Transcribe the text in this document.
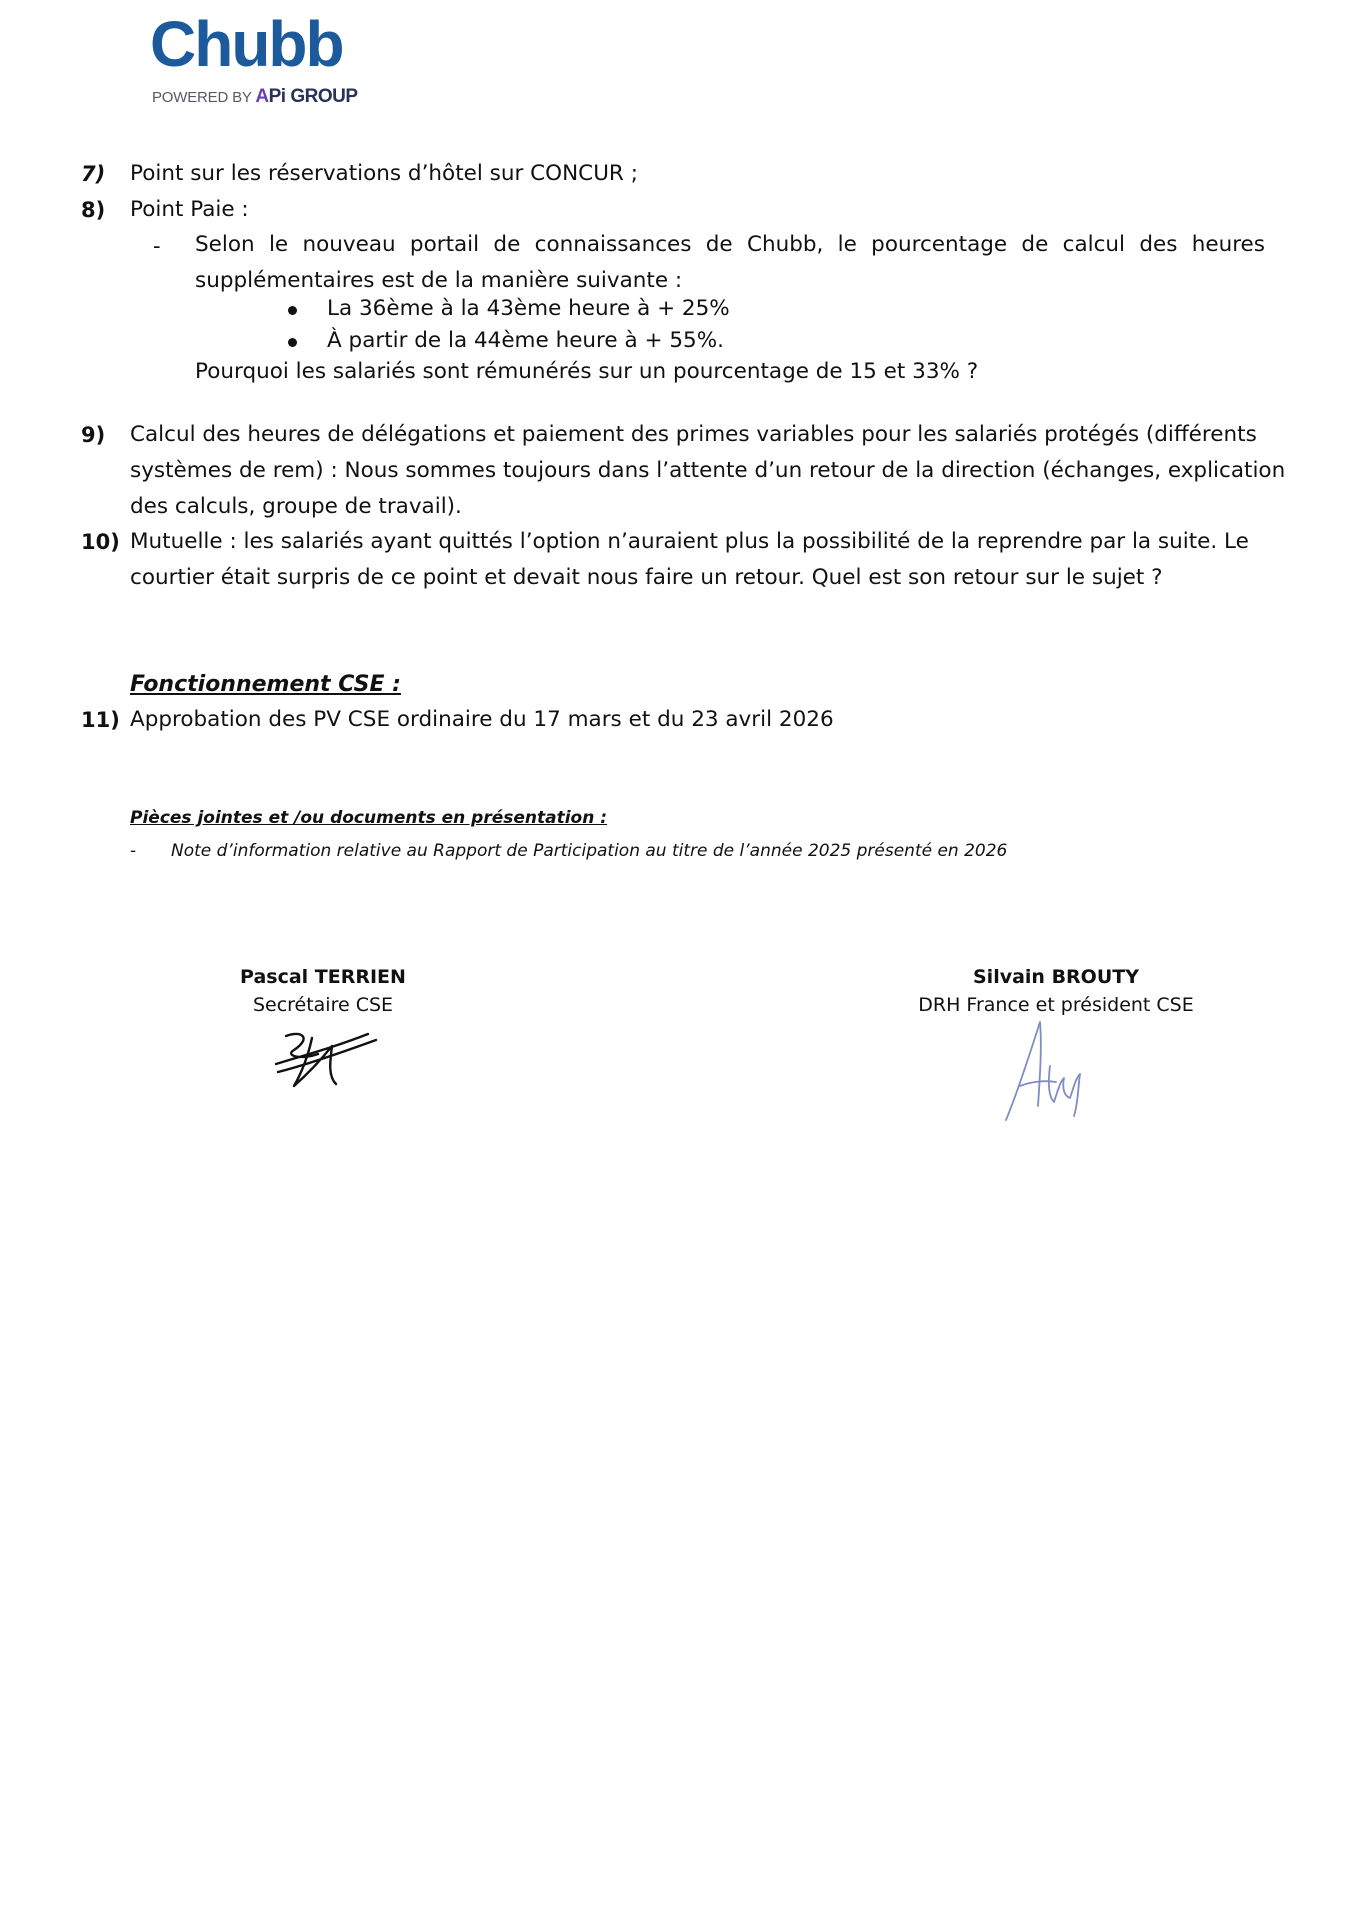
Chubb
POWERED BY APi GROUP
7) Point sur les réservations d’hôtel sur CONCUR ;
8) Point Paie :
- Selon le nouveau portail de connaissances de Chubb, le pourcentage de calcul des heures supplémentaires est de la manière suivante :
La 36ème à la 43ème heure à + 25%
À partir de la 44ème heure à + 55%.
Pourquoi les salariés sont rémunérés sur un pourcentage de 15 et 33% ?
9) Calcul des heures de délégations et paiement des primes variables pour les salariés protégés (différents
systèmes de rem) : Nous sommes toujours dans l’attente d’un retour de la direction (échanges, explication
des calculs, groupe de travail).
10) Mutuelle : les salariés ayant quittés l’option n’auraient plus la possibilité de la reprendre par la suite. Le
courtier était surpris de ce point et devait nous faire un retour. Quel est son retour sur le sujet ?
Fonctionnement CSE :
11) Approbation des PV CSE ordinaire du 17 mars et du 23 avril 2026
Pièces jointes et /ou documents en présentation :
- Note d’information relative au Rapport de Participation au titre de l’année 2025 présenté en 2026
Pascal TERRIEN
Secrétaire CSE
Silvain BROUTY
DRH France et président CSE
